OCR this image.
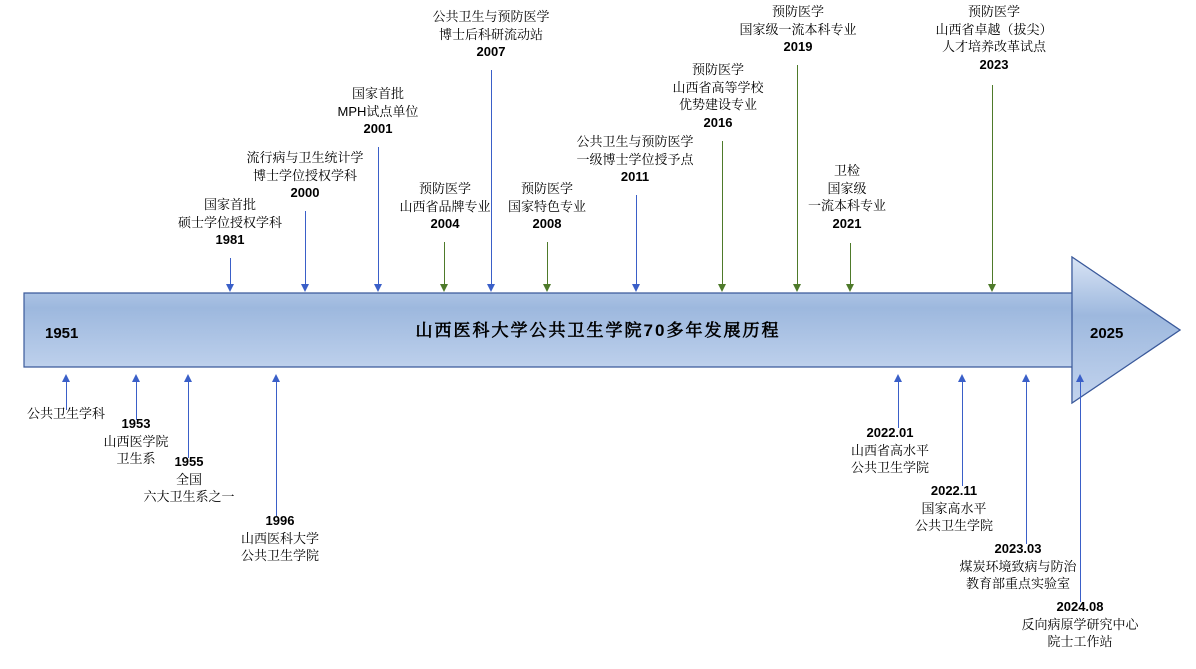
山西医科大学公共卫生学院70多年发展历程
1951	2025
国家首批
硕士学位授权学科
1981
流行病与卫生统计学
博士学位授权学科
2000
国家首批
MPH试点单位
2001
预防医学
山西省品牌专业
2004
公共卫生与预防医学
博士后科研流动站
2007
预防医学
国家特色专业
2008
公共卫生与预防医学
一级博士学位授予点
2011
预防医学
山西省高等学校
优势建设专业
2016
预防医学
国家级一流本科专业
2019
卫检
国家级
一流本科专业
2021
预防医学
山西省卓越（拔尖）
人才培养改革试点
2023
公共卫生学科
1953
山西医学院
卫生系	1955
全国
六大卫生系之一
1996
山西医科大学
公共卫生学院
2022.01
山西省高水平
公共卫生学院
2022.11
国家高水平
公共卫生学院
2023.03
煤炭环境致病与防治
教育部重点实验室
2024.08
反向病原学研究中心
院士工作站
